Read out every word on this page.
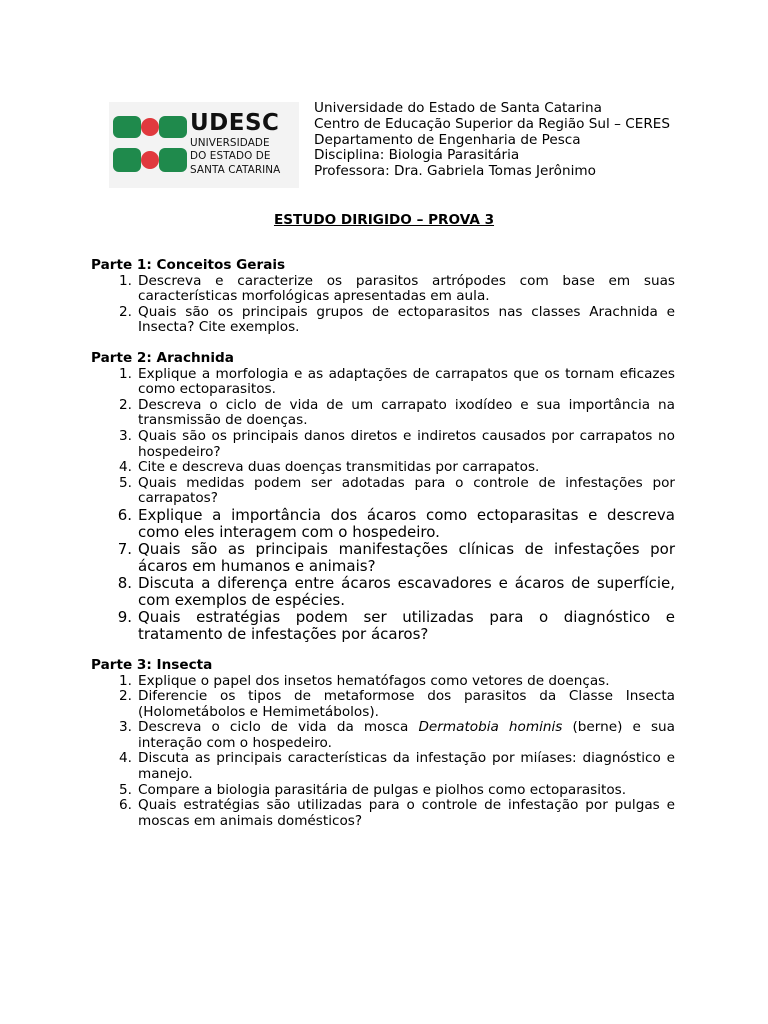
UDESC
UNIVERSIDADE
DO ESTADO DE
SANTA CATARINA
Universidade do Estado de Santa Catarina
Centro de Educação Superior da Região Sul – CERES
Departamento de Engenharia de Pesca
Disciplina: Biologia Parasitária
Professora: Dra. Gabriela Tomas Jerônimo
ESTUDO DIRIGIDO – PROVA 3
Parte 1: Conceitos Gerais
1. Descreva e caracterize os parasitos artrópodes com base em suas características morfológicas apresentadas em aula.
2. Quais são os principais grupos de ectoparasitos nas classes Arachnida e Insecta? Cite exemplos.
Parte 2: Arachnida
1. Explique a morfologia e as adaptações de carrapatos que os tornam eficazes como ectoparasitos.
2. Descreva o ciclo de vida de um carrapato ixodídeo e sua importância na transmissão de doenças.
3. Quais são os principais danos diretos e indiretos causados por carrapatos no hospedeiro?
4. Cite e descreva duas doenças transmitidas por carrapatos.
5. Quais medidas podem ser adotadas para o controle de infestações por carrapatos?
6. Explique a importância dos ácaros como ectoparasitas e descreva como eles interagem com o hospedeiro.
7. Quais são as principais manifestações clínicas de infestações por ácaros em humanos e animais?
8. Discuta a diferença entre ácaros escavadores e ácaros de superfície, com exemplos de espécies.
9. Quais estratégias podem ser utilizadas para o diagnóstico e tratamento de infestações por ácaros?
Parte 3: Insecta
1. Explique o papel dos insetos hematófagos como vetores de doenças.
2. Diferencie os tipos de metaformose dos parasitos da Classe Insecta (Holometábolos e Hemimetábolos).
3. Descreva o ciclo de vida da mosca Dermatobia hominis (berne) e sua interação com o hospedeiro.
4. Discuta as principais características da infestação por miíases: diagnóstico e manejo.
5. Compare a biologia parasitária de pulgas e piolhos como ectoparasitos.
6. Quais estratégias são utilizadas para o controle de infestação por pulgas e moscas em animais domésticos?
